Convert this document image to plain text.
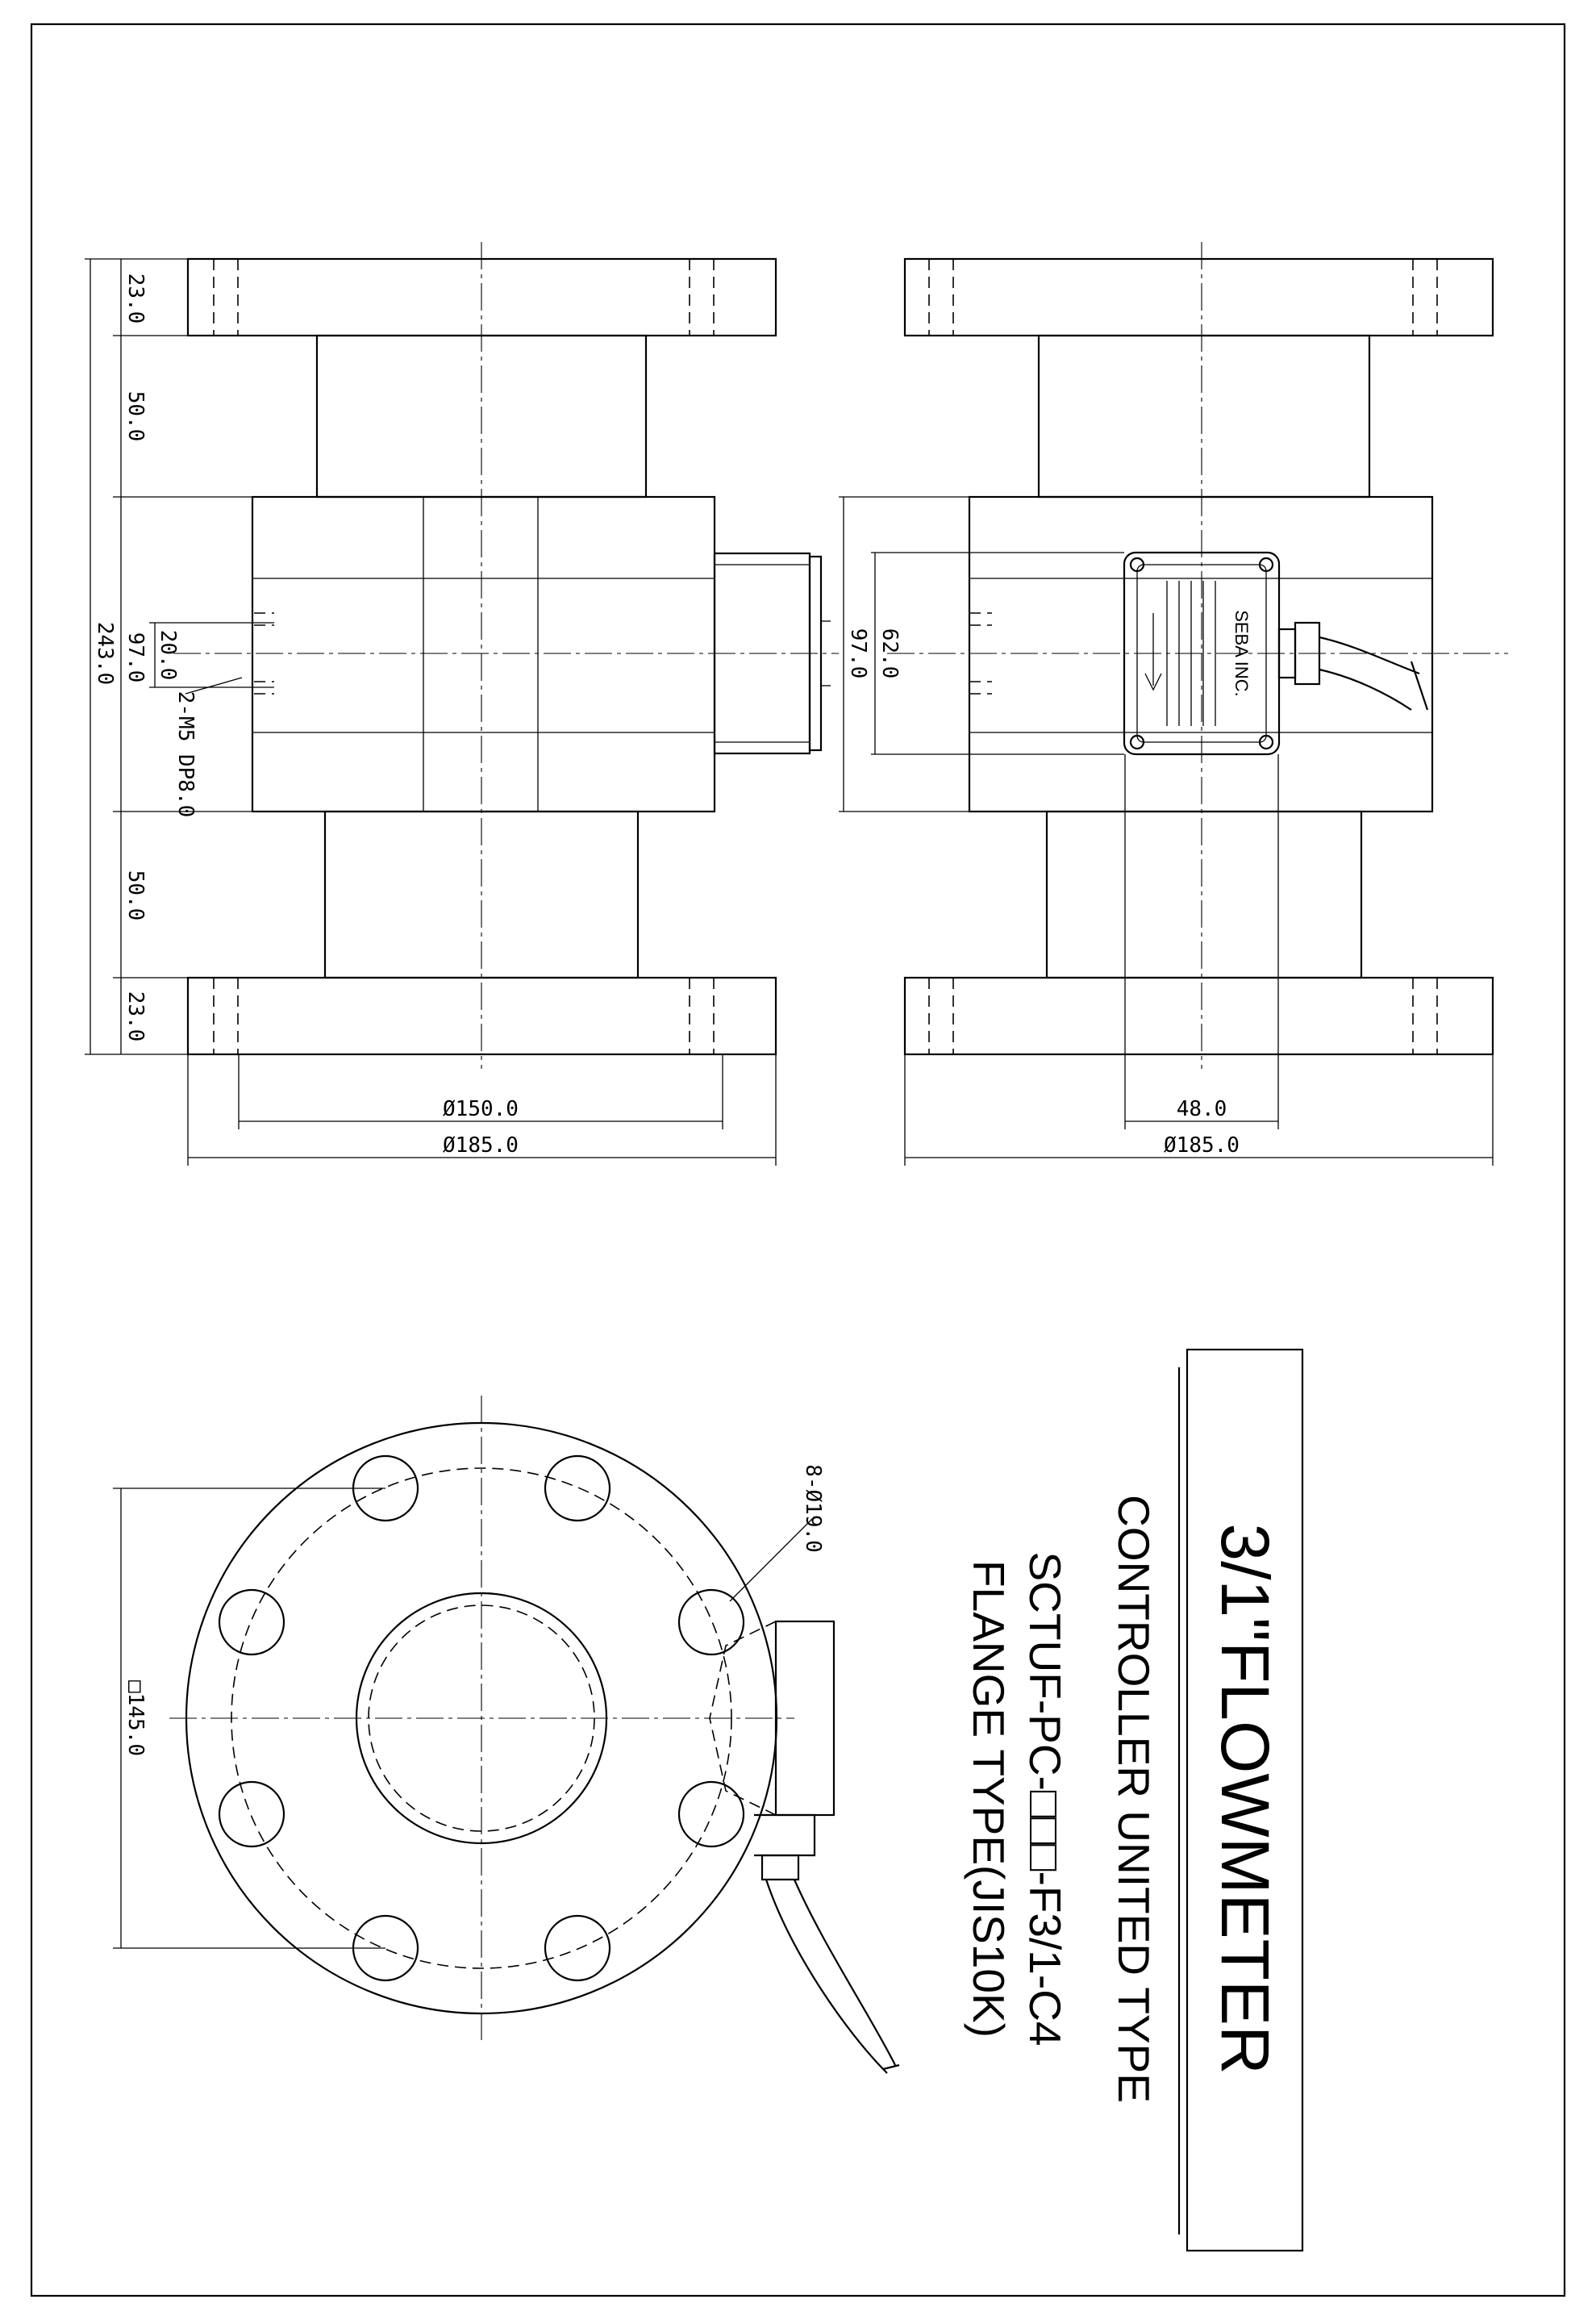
23.0
50.0
243.0 97.0 20.0
2-M5 DP8.0
50.0
23.0
Ø150.0
Ø185.0
SEBA INC.
97.0 62.0
48.0
Ø185.0
8-Ø19.0
□145.0	3/1"FLOWMETER
CONTROLLER UNITED TYPE
SCTUF-PC-□□□-F3/1-C4
FLANGE TYPE(JIS10K)
